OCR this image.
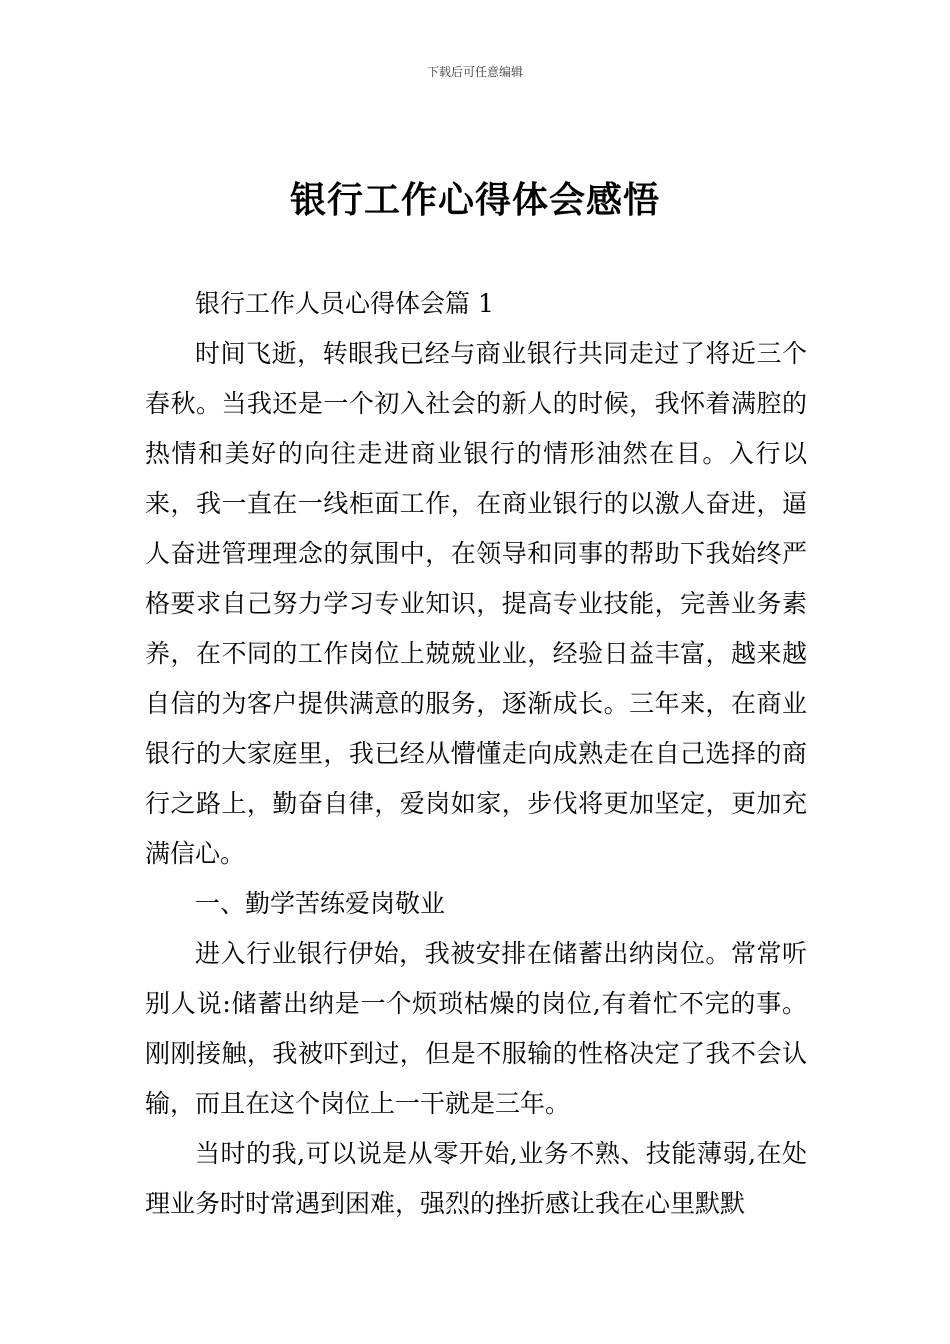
下载后可任意编辑
银行工作心得体会感悟

银行工作人员心得体会篇 1

时间飞逝，转眼我已经与商业银行共同走过了将近三个春秋。当我还是一个初入社会的新人的时候，我怀着满腔的热情和美好的向往走进商业银行的情形油然在目。入行以来，我一直在一线柜面工作，在商业银行的以激人奋进，逼人奋进管理理念的氛围中，在领导和同事的帮助下我始终严格要求自己努力学习专业知识，提高专业技能，完善业务素养，在不同的工作岗位上兢兢业业，经验日益丰富，越来越自信的为客户提供满意的服务，逐渐成长。三年来，在商业银行的大家庭里，我已经从懵懂走向成熟走在自己选择的商行之路上，勤奋自律，爱岗如家，步伐将更加坚定，更加充满信心。

一、勤学苦练爱岗敬业

进入行业银行伊始，我被安排在储蓄出纳岗位。常常听别人说:储蓄出纳是一个烦琐枯燥的岗位,有着忙不完的事。刚刚接触，我被吓到过，但是不服输的性格决定了我不会认输，而且在这个岗位上一干就是三年。

当时的我,可以说是从零开始,业务不熟、技能薄弱,在处理业务时时常遇到困难，强烈的挫折感让我在心里默默
